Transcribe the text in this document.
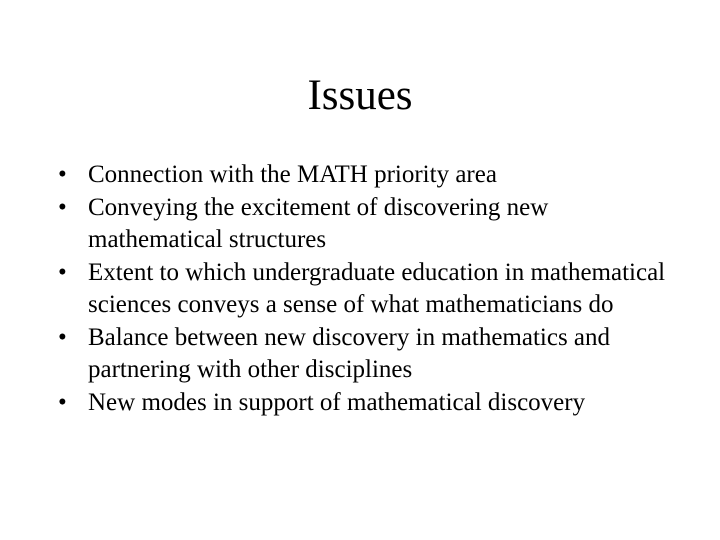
Issues
• Connection with the MATH priority area
• Conveying the excitement of discovering new mathematical structures
• Extent to which undergraduate education in mathematical sciences conveys a sense of what mathematicians do
• Balance between new discovery in mathematics and partnering with other disciplines
• New modes in support of mathematical discovery
